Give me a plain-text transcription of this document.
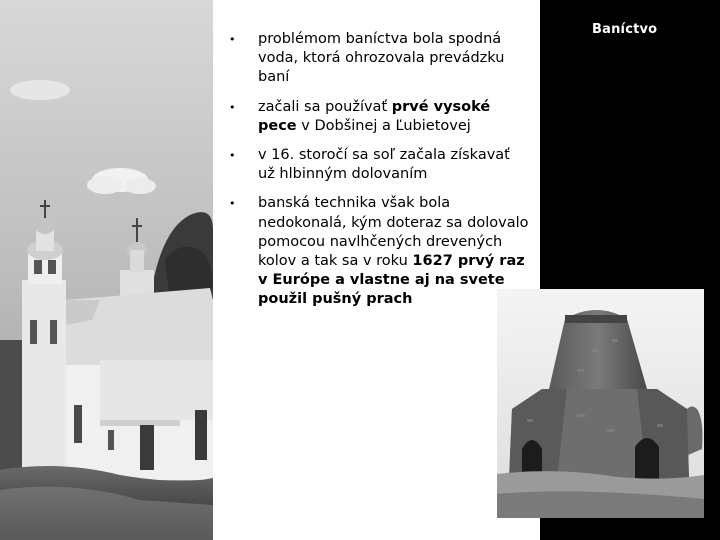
• problémom baníctva bola spodná voda, ktorá ohrozovala prevádzku baní
• začali sa používať prvé vysoké pece v Dobšinej a Ľubietovej
• v 16. storočí sa soľ začala získavať už hlbinným dolovaním
• banská technika však bola nedokonalá, kým doteraz sa dolovalo pomocou navlhčených drevených kolov a tak sa v roku 1627 prvý raz v Európe a vlastne aj na svete použil pušný prach
Baníctvo
